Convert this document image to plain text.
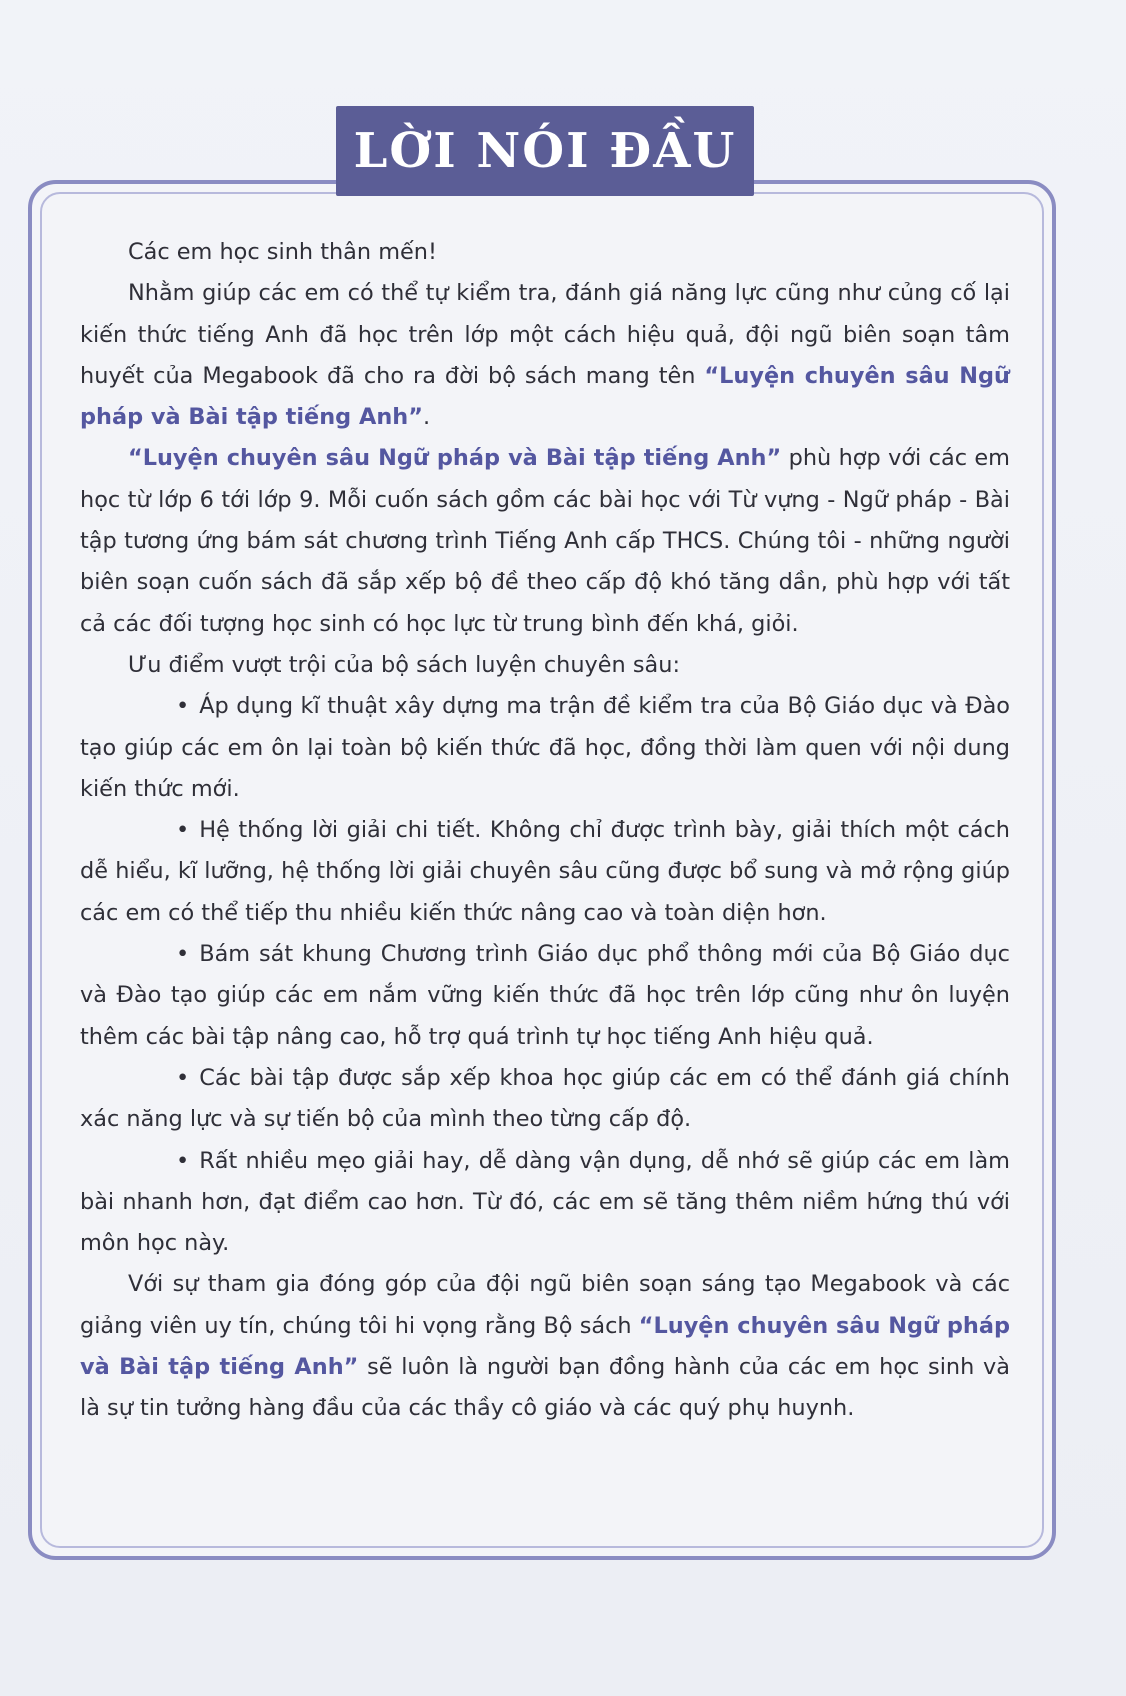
LỜI NÓI ĐẦU

Các em học sinh thân mến!

Nhằm giúp các em có thể tự kiểm tra, đánh giá năng lực cũng như củng cố lại kiến thức tiếng Anh đã học trên lớp một cách hiệu quả, đội ngũ biên soạn tâm huyết của Megabook đã cho ra đời bộ sách mang tên “Luyện chuyên sâu Ngữ pháp và Bài tập tiếng Anh”.

“Luyện chuyên sâu Ngữ pháp và Bài tập tiếng Anh” phù hợp với các em học từ lớp 6 tới lớp 9. Mỗi cuốn sách gồm các bài học với Từ vựng - Ngữ pháp - Bài tập tương ứng bám sát chương trình Tiếng Anh cấp THCS. Chúng tôi - những người biên soạn cuốn sách đã sắp xếp bộ đề theo cấp độ khó tăng dần, phù hợp với tất cả các đối tượng học sinh có học lực từ trung bình đến khá, giỏi.

Ưu điểm vượt trội của bộ sách luyện chuyên sâu:

• Áp dụng kĩ thuật xây dựng ma trận đề kiểm tra của Bộ Giáo dục và Đào tạo giúp các em ôn lại toàn bộ kiến thức đã học, đồng thời làm quen với nội dung kiến thức mới.

• Hệ thống lời giải chi tiết. Không chỉ được trình bày, giải thích một cách dễ hiểu, kĩ lưỡng, hệ thống lời giải chuyên sâu cũng được bổ sung và mở rộng giúp các em có thể tiếp thu nhiều kiến thức nâng cao và toàn diện hơn.

• Bám sát khung Chương trình Giáo dục phổ thông mới của Bộ Giáo dục và Đào tạo giúp các em nắm vững kiến thức đã học trên lớp cũng như ôn luyện thêm các bài tập nâng cao, hỗ trợ quá trình tự học tiếng Anh hiệu quả.

• Các bài tập được sắp xếp khoa học giúp các em có thể đánh giá chính xác năng lực và sự tiến bộ của mình theo từng cấp độ.

• Rất nhiều mẹo giải hay, dễ dàng vận dụng, dễ nhớ sẽ giúp các em làm bài nhanh hơn, đạt điểm cao hơn. Từ đó, các em sẽ tăng thêm niềm hứng thú với môn học này.

Với sự tham gia đóng góp của đội ngũ biên soạn sáng tạo Megabook và các giảng viên uy tín, chúng tôi hi vọng rằng Bộ sách “Luyện chuyên sâu Ngữ pháp và Bài tập tiếng Anh” sẽ luôn là người bạn đồng hành của các em học sinh và là sự tin tưởng hàng đầu của các thầy cô giáo và các quý phụ huynh.
